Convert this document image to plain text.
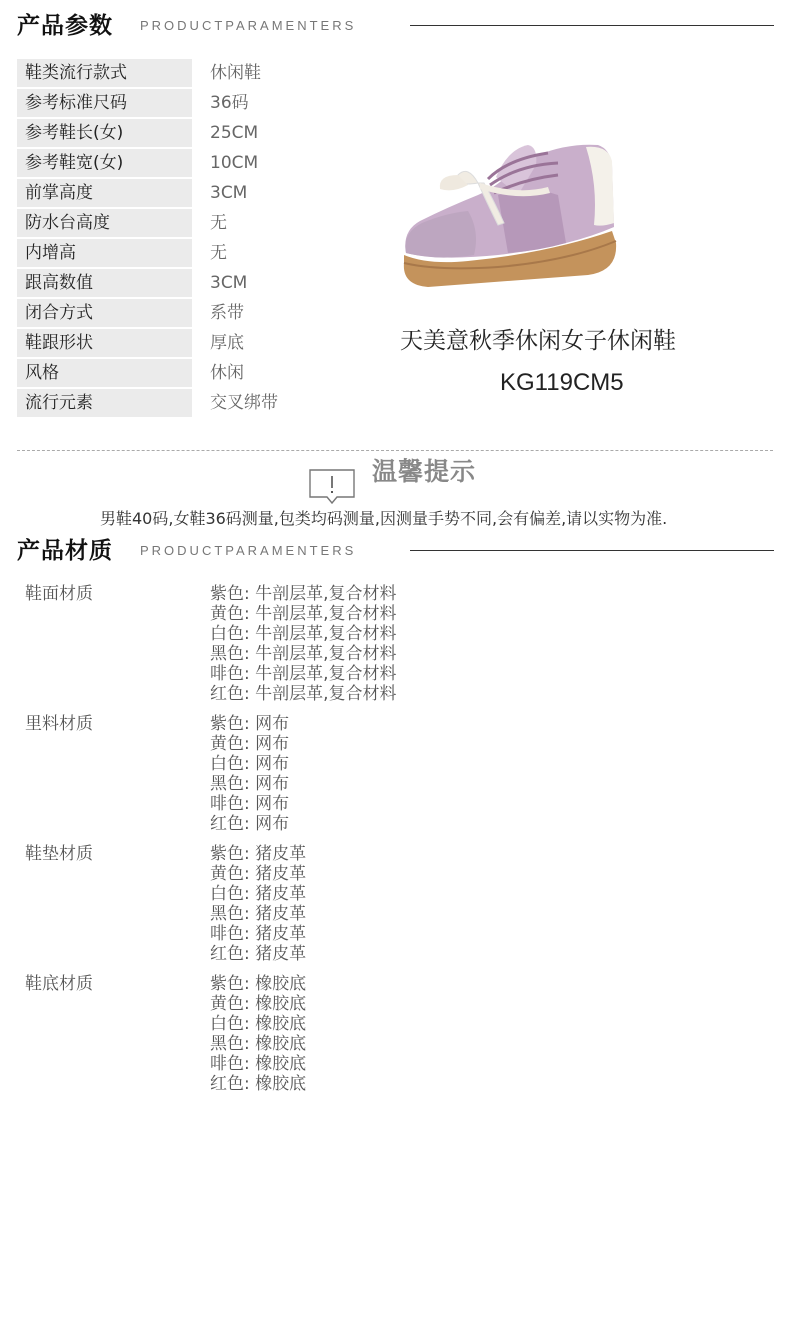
产品参数 PRODUCTPARAMENTERS
鞋类流行款式	休闲鞋
参考标准尺码	36码
参考鞋长(女)	25CM
参考鞋宽(女)	10CM
前掌高度	3CM
防水台高度	无
内增高	无
跟高数值	3CM
闭合方式	系带
鞋跟形状	厚底
风格	休闲
流行元素	交叉绑带
天美意秋季休闲女子休闲鞋
KG119CM5
温馨提示
男鞋40码,女鞋36码测量,包类均码测量,因测量手势不同,会有偏差,请以实物为准.
产品材质 PRODUCTPARAMENTERS
鞋面材质	紫色: 牛剖层革,复合材料
黄色: 牛剖层革,复合材料
白色: 牛剖层革,复合材料
黑色: 牛剖层革,复合材料
啡色: 牛剖层革,复合材料
红色: 牛剖层革,复合材料
里料材质	紫色: 网布
黄色: 网布
白色: 网布
黑色: 网布
啡色: 网布
红色: 网布
鞋垫材质	紫色: 猪皮革
黄色: 猪皮革
白色: 猪皮革
黑色: 猪皮革
啡色: 猪皮革
红色: 猪皮革
鞋底材质	紫色: 橡胶底
黄色: 橡胶底
白色: 橡胶底
黑色: 橡胶底
啡色: 橡胶底
红色: 橡胶底
